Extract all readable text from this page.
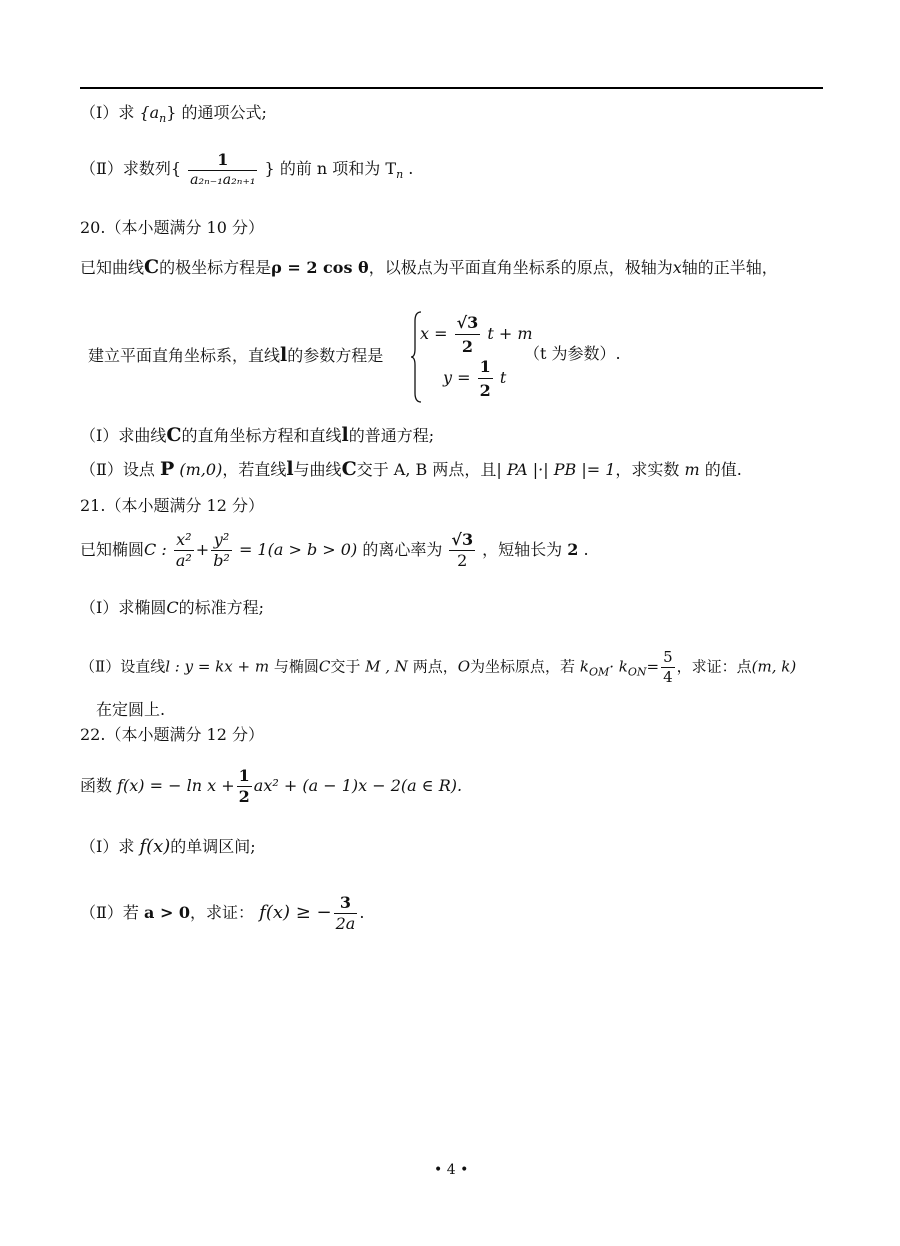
（Ⅰ）求 $\{a_n\}$ 的通项公式;
（Ⅱ）求数列{ $\frac{1}{\text{a₂ₙ₋₁a₂ₙ₊₁}}$ } 的前 n 项和为 $T_n$ .
20.（本小题满分 10 分）
已知曲线C的极坐标方程是ρ = 2 cos θ，以极点为平面直角坐标系的原点，极轴为x轴的正半轴，
建立平面直角坐标系，直线l的参数方程是
$x = \frac{√3}{2}$ t + m
$y = \frac{1}{2}$ t
（t 为参数）.
（Ⅰ）求曲线C的直角坐标方程和直线l的普通方程;
（Ⅱ）设点 P (m,0)，若直线l与曲线C交于 A, B 两点，且| PA |·| PB |= 1，求实数 m 的值.
21.（本小题满分 12 分）
已知椭圆C : $\frac{\text{x²}}{\text{a²}} + \frac{\text{y²}}{\text{b²}} = 1(a > b > 0)$ 的离心率为 $\frac{√3}{2}$ ，短轴长为 2 .
（Ⅰ）求椭圆C的标准方程;
（Ⅱ）设直线l : y = kx + m 与椭圆C交于 M , N 两点，O为坐标原点，若 $k_{OM}\cdot k_{ON}= \frac{5}{4}$ ，求证：点(m, k)
在定圆上.
22.（本小题满分 12 分）
函数 f(x) = − $\ln x + \frac{1}{2} ax^2 + (a - 1)x - 2(a$ ∈ R).
（Ⅰ）求 f(x)的单调区间;
（Ⅱ）若 a > 0，求证： f(x) ≥ − $\frac{3}{2a}$ .
• 4 •
